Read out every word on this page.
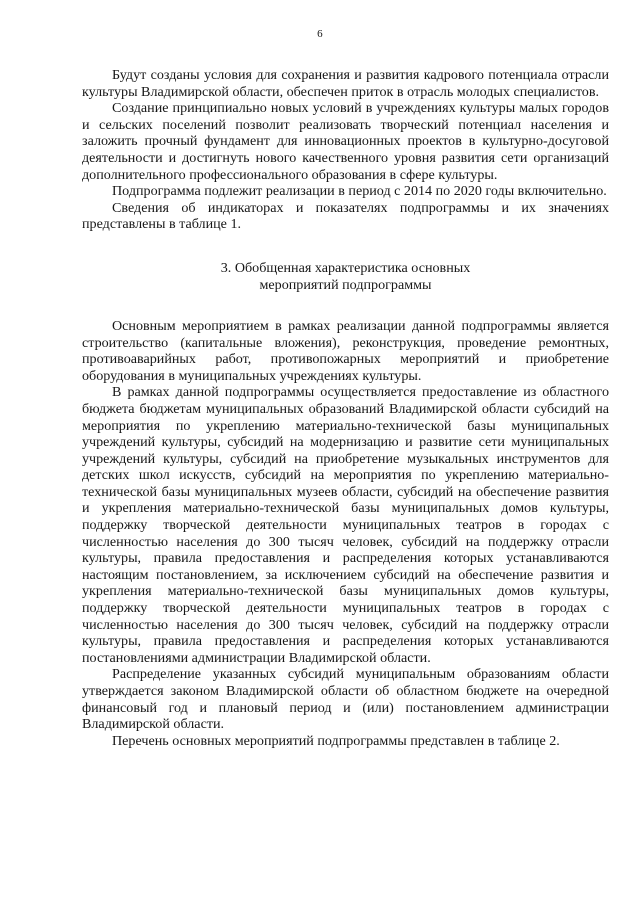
6

Будут созданы условия для сохранения и развития кадрового потенциала отрасли культуры Владимирской области, обеспечен приток в отрасль молодых специалистов.

Создание принципиально новых условий в учреждениях культуры малых городов и сельских поселений позволит реализовать творческий потенциал населения и заложить прочный фундамент для инновационных проектов в культурно-досуговой деятельности и достигнуть нового качественного уровня развития сети организаций дополнительного профессионального образования в сфере культуры.

Подпрограмма подлежит реализации в период с 2014 по 2020 годы включительно.

Сведения об индикаторах и показателях подпрограммы и их значениях представлены в таблице 1.

3. Обобщенная характеристика основных
мероприятий подпрограммы

Основным мероприятием в рамках реализации данной подпрограммы является строительство (капитальные вложения), реконструкция, проведение ремонтных, противоаварийных работ, противопожарных мероприятий и приобретение оборудования в муниципальных учреждениях культуры.

В рамках данной подпрограммы осуществляется предоставление из областного бюджета бюджетам муниципальных образований Владимирской области субсидий на мероприятия по укреплению материально-технической базы муниципальных учреждений культуры, субсидий на модернизацию и развитие сети муниципальных учреждений культуры, субсидий на приобретение музыкальных инструментов для детских школ искусств, субсидий на мероприятия по укреплению материально-технической базы муниципальных музеев области, субсидий на обеспечение развития и укрепления материально-технической базы муниципальных домов культуры, поддержку творческой деятельности муниципальных театров в городах с численностью населения до 300 тысяч человек, субсидий на поддержку отрасли культуры, правила предоставления и распределения которых устанавливаются настоящим постановлением, за исключением субсидий на обеспечение развития и укрепления материально-технической базы муниципальных домов культуры, поддержку творческой деятельности муниципальных театров в городах с численностью населения до 300 тысяч человек, субсидий на поддержку отрасли культуры, правила предоставления и распределения которых устанавливаются постановлениями администрации Владимирской области.

Распределение указанных субсидий муниципальным образованиям области утверждается законом Владимирской области об областном бюджете на очередной финансовый год и плановый период и (или) постановлением администрации Владимирской области.

Перечень основных мероприятий подпрограммы представлен в таблице 2.
